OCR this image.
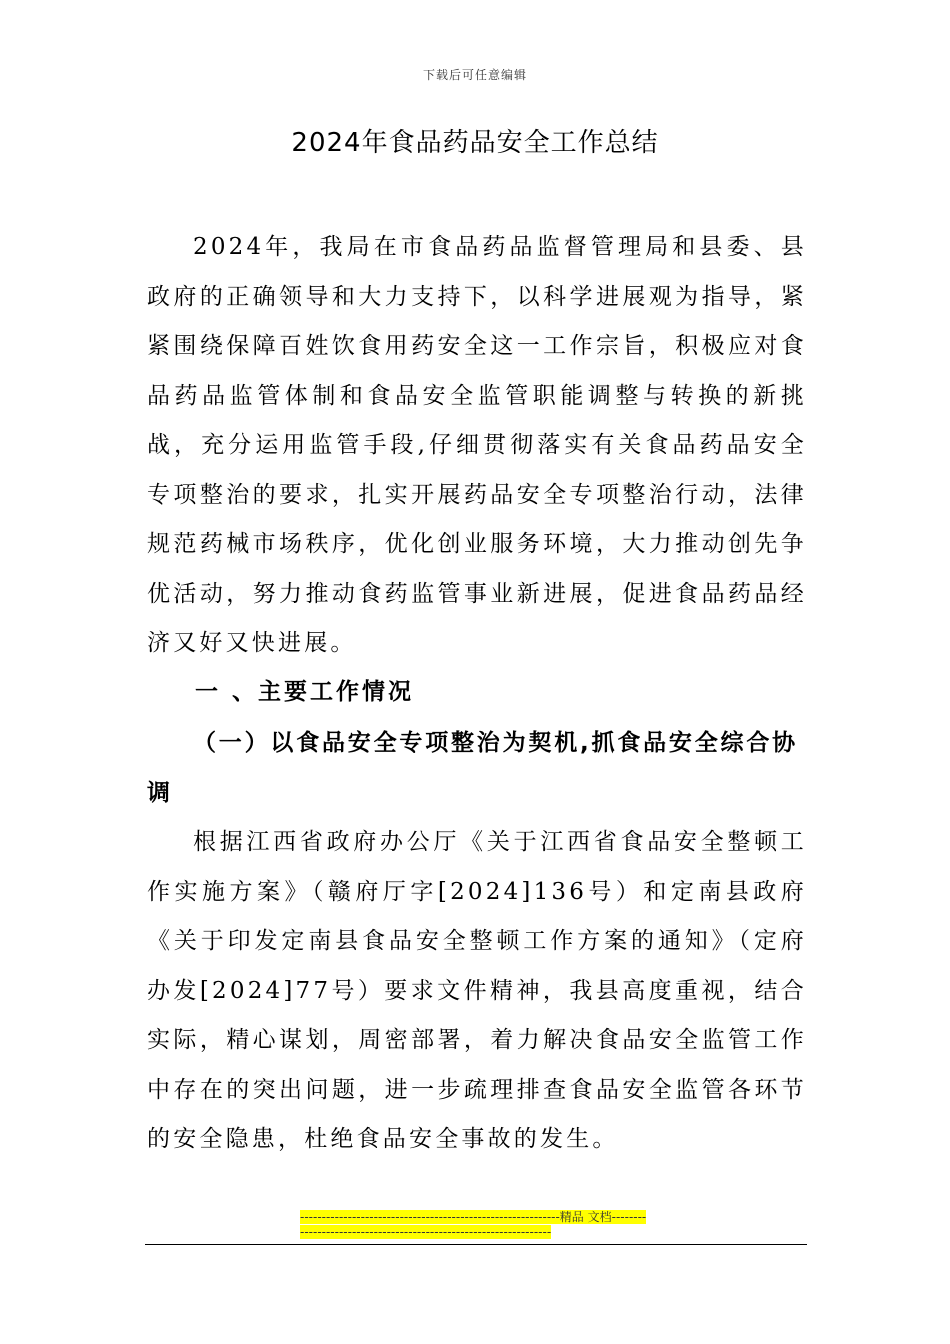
下载后可任意编辑
2024年食品药品安全工作总结

2024年，我局在市食品药品监督管理局和县委、县政府的正确领导和大力支持下，以科学进展观为指导，紧紧围绕保障百姓饮食用药安全这一工作宗旨，积极应对食品药品监管体制和食品安全监管职能调整与转换的新挑战，充分运用监管手段,仔细贯彻落实有关食品药品安全专项整治的要求，扎实开展药品安全专项整治行动，法律规范药械市场秩序，优化创业服务环境，大力推动创先争优活动，努力推动食药监管事业新进展，促进食品药品经济又好又快进展。

一 、主要工作情况
（一）以食品安全专项整治为契机,抓食品安全综合协调

根据江西省政府办公厅《关于江西省食品安全整顿工作实施方案》（赣府厅字[2024]136号）和定南县政府《关于印发定南县食品安全整顿工作方案的通知》（定府办发[2024]77号）要求文件精神，我县高度重视，结合实际，精心谋划，周密部署，着力解决食品安全监管工作中存在的突出问题，进一步疏理排查食品安全监管各环节的安全隐患，杜绝食品安全事故的发生。

------------------------------------------------------------精品 文档------------------------------------------------------------------
